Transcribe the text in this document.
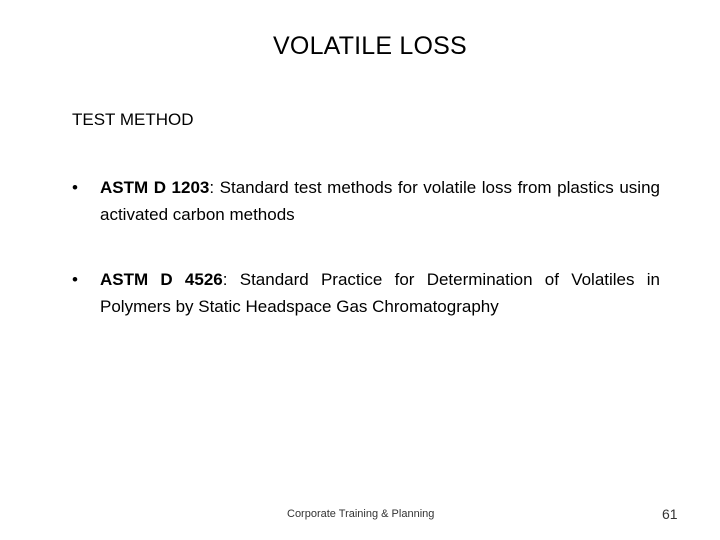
VOLATILE LOSS
TEST METHOD
•	ASTM D 1203: Standard test methods for volatile loss from plastics using activated carbon methods
•	ASTM D 4526: Standard Practice for Determination of Volatiles in Polymers by Static Headspace Gas Chromatography
Corporate Training & Planning	61
